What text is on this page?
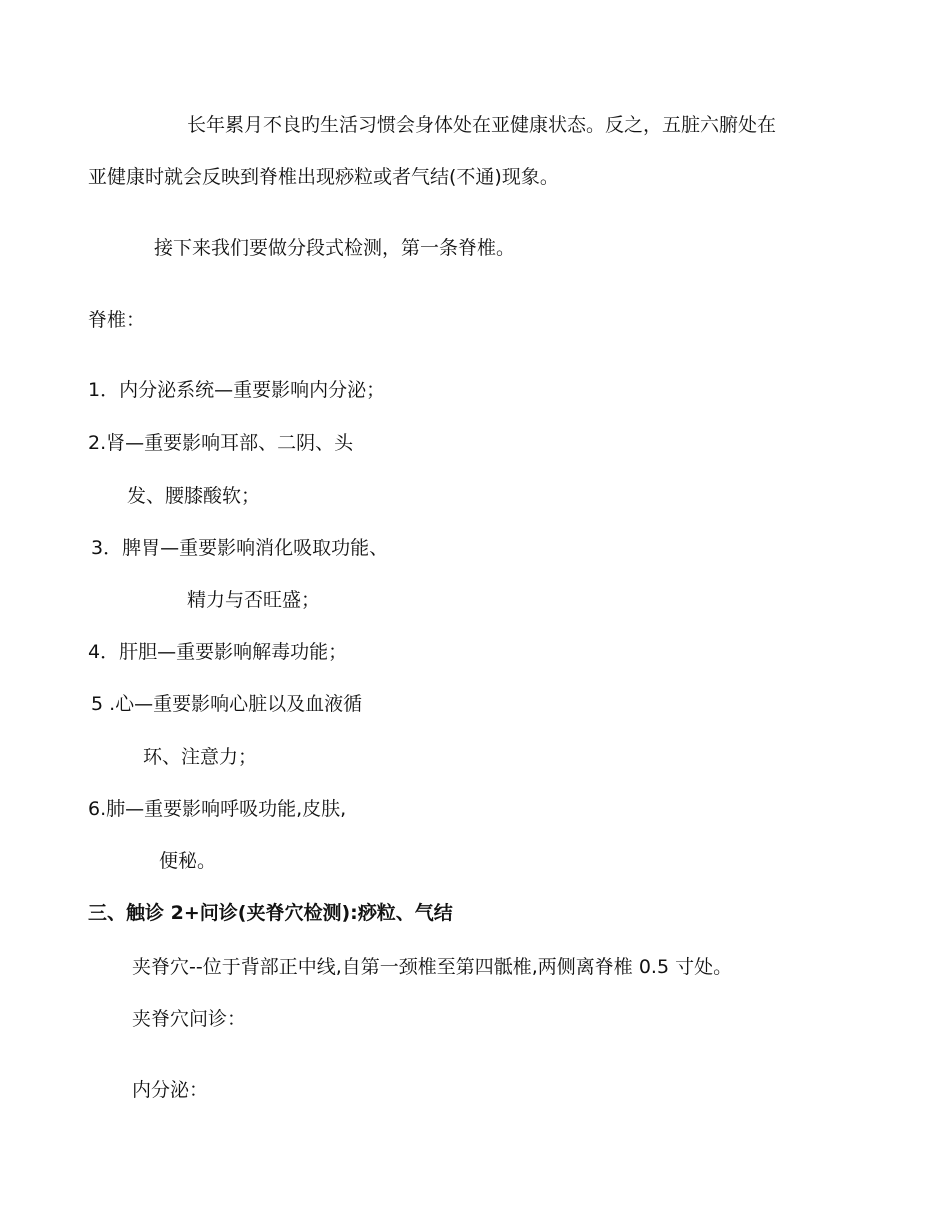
长年累月不良旳生活习惯会身体处在亚健康状态。反之，五脏六腑处在
亚健康时就会反映到脊椎出现痧粒或者气结(不通)现象。
接下来我们要做分段式检测，第一条脊椎。
脊椎：
1．内分泌系统—重要影响内分泌；
2.肾—重要影响耳部、二阴、头
发、腰膝酸软；
3．脾胃—重要影响消化吸取功能、
精力与否旺盛；
4．肝胆—重要影响解毒功能；
5 .心—重要影响心脏以及血液循
环、注意力；
6.肺—重要影响呼吸功能,皮肤,
便秘。
三、触诊 2+问诊(夹脊穴检测):痧粒、气结
夹脊穴--位于背部正中线,自第一颈椎至第四骶椎,两侧离脊椎 0.5 寸处。
夹脊穴问诊：
内分泌：
